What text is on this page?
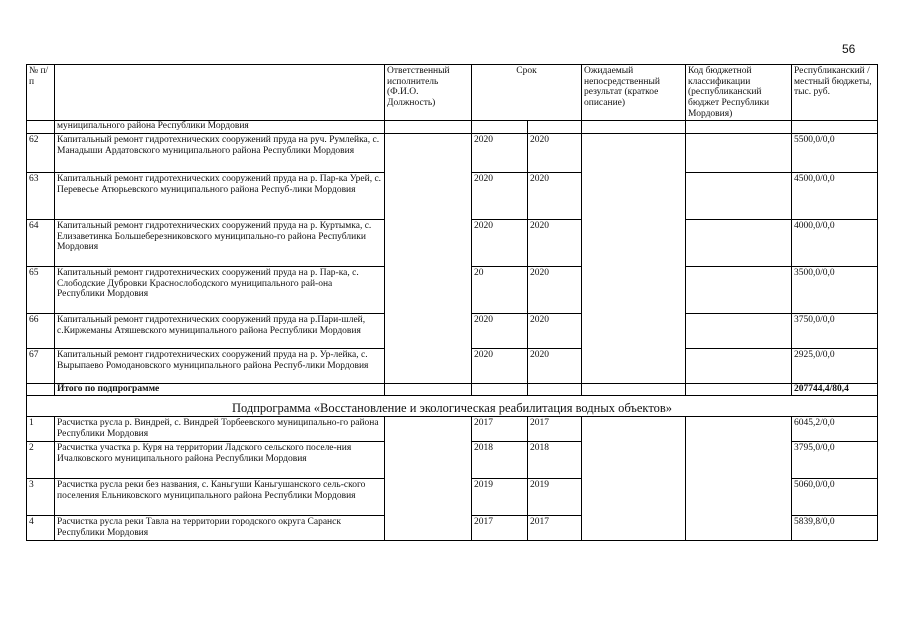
56
№ п/п		Ответственный исполнитель (Ф.И.О. Должность)	Срок		Ожидаемый непосредственный результат (краткое описание)	Код бюджетной классификации (республиканский бюджет Республики Мордовия)	Республиканский /местный бюджеты, тыс. руб.
	муниципального района Республики Мордовия						
62	Капитальный ремонт гидротехнических сооружений пруда на руч. Румлейка, с. Манадыши Ардатовского муниципального района Республики Мордовия		2020	2020			5500,0/0,0
63	Капитальный ремонт гидротехнических сооружений пруда на р. Пар-ка Урей, с. Перевесье Атюрьевского муниципального района Респуб-лики Мордовия		2020	2020			4500,0/0,0
64	Капитальный ремонт гидротехнических сооружений пруда на р. Куртымка, с. Елизаветинка Большеберезниковского муниципально-го района Республики Мордовия		2020	2020			4000,0/0,0
65	Капитальный ремонт гидротехнических сооружений пруда на р. Пар-ка, с. Слободские Дубровки Краснослободского муниципального рай-она Республики Мордовия		20	2020			3500,0/0,0
66	Капитальный ремонт гидротехнических сооружений пруда на р.Пари-шлей, с.Киржеманы Атяшевского муниципального района Республики Мордовия		2020	2020			3750,0/0,0
67	Капитальный ремонт гидротехнических сооружений пруда на р. Ур-лейка, с. Вырыпаево Ромодановского муниципального района Респуб-лики Мордовия		2020	2020			2925,0/0,0
	Итого по подпрограмме						207744,4/80,4
Подпрограмма «Восстановление и экологическая реабилитация водных объектов»							
1	Расчистка русла р. Виндрей, с. Виндрей Торбеевского муниципально-го района Республики Мордовия		2017	2017			6045,2/0,0
2	Расчистка участка р. Куря на территории Ладского сельского поселе-ния Ичалковского муниципального района Республики Мордовия		2018	2018			3795,0/0,0
3	Расчистка русла реки без названия, с. Каньгуши Каньгушанского сель-ского поселения Ельниковского муниципального района Республики Мордовия		2019	2019			5060,0/0,0
4	Расчистка русла реки Тавла на территории городского округа Саранск Республики Мордовия		2017	2017			5839,8/0,0
